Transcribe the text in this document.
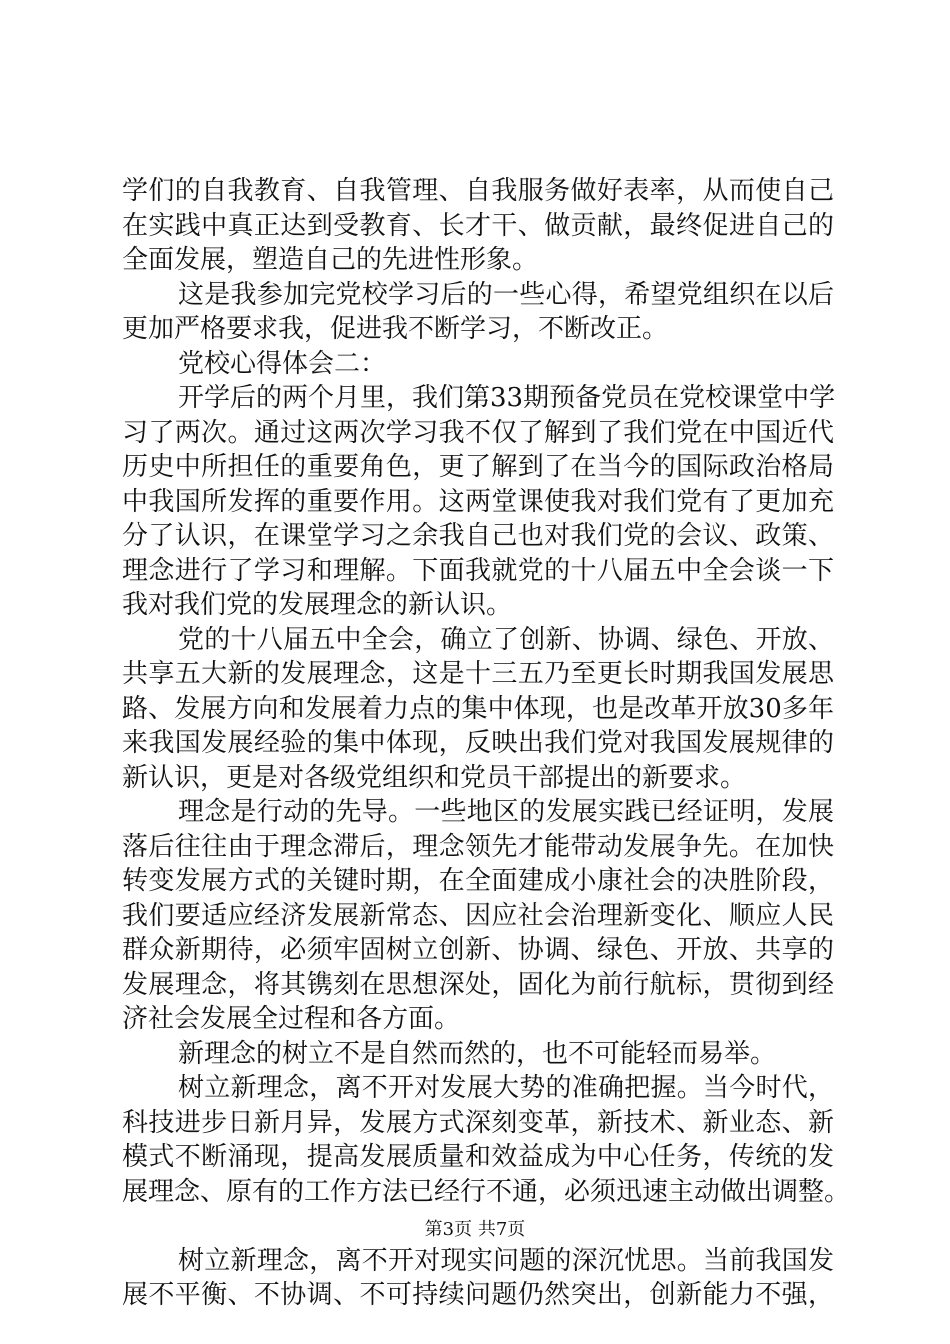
学们的自我教育、自我管理、自我服务做好表率，从而使自己
在实践中真正达到受教育、长才干、做贡献，最终促进自己的
全面发展，塑造自己的先进性形象。
这是我参加完党校学习后的一些心得，希望党组织在以后
更加严格要求我，促进我不断学习，不断改正。
党校心得体会二：
开学后的两个月里，我们第33期预备党员在党校课堂中学
习了两次。通过这两次学习我不仅了解到了我们党在中国近代
历史中所担任的重要角色，更了解到了在当今的国际政治格局
中我国所发挥的重要作用。这两堂课使我对我们党有了更加充
分了认识，在课堂学习之余我自己也对我们党的会议、政策、
理念进行了学习和理解。下面我就党的十八届五中全会谈一下
我对我们党的发展理念的新认识。
党的十八届五中全会，确立了创新、协调、绿色、开放、
共享五大新的发展理念，这是十三五乃至更长时期我国发展思
路、发展方向和发展着力点的集中体现，也是改革开放30多年
来我国发展经验的集中体现，反映出我们党对我国发展规律的
新认识，更是对各级党组织和党员干部提出的新要求。
理念是行动的先导。一些地区的发展实践已经证明，发展
落后往往由于理念滞后，理念领先才能带动发展争先。在加快
转变发展方式的关键时期，在全面建成小康社会的决胜阶段，
我们要适应经济发展新常态、因应社会治理新变化、顺应人民
群众新期待，必须牢固树立创新、协调、绿色、开放、共享的
发展理念，将其镌刻在思想深处，固化为前行航标，贯彻到经
济社会发展全过程和各方面。
新理念的树立不是自然而然的，也不可能轻而易举。
树立新理念，离不开对发展大势的准确把握。当今时代，
科技进步日新月异，发展方式深刻变革，新技术、新业态、新
模式不断涌现，提高发展质量和效益成为中心任务，传统的发
展理念、原有的工作方法已经行不通，必须迅速主动做出调整。
树立新理念，离不开对现实问题的深沉忧思。当前我国发
展不平衡、不协调、不可持续问题仍然突出，创新能力不强，
第3页 共7页
